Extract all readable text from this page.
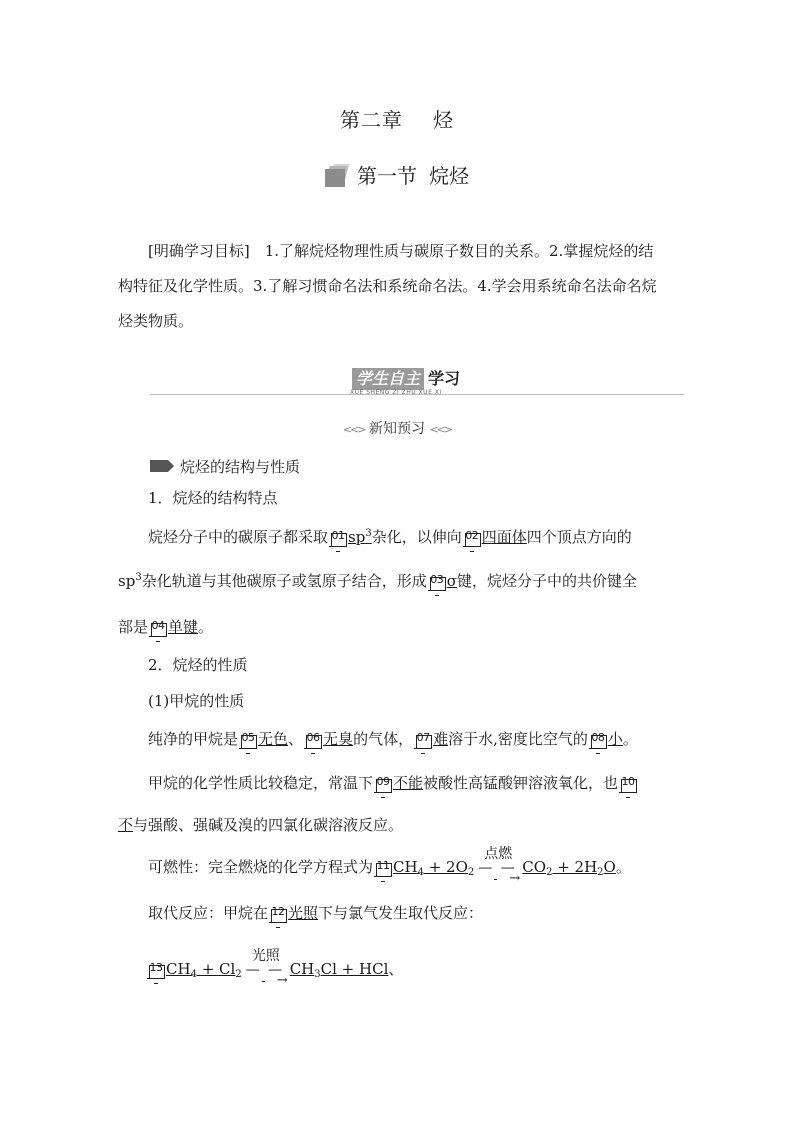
第二章 烃
第一节 烷烃
[明确学习目标]　1.了解烷烃物理性质与碳原子数目的关系。2.掌握烷烃的结
构特征及化学性质。3.了解习惯命名法和系统命名法。4.学会用系统命名法命名烷
烃类物质。
学生自主 学习
XUE SHENG ZI ZHU XUE XI
<<> 新知预习 <<>
烷烃的结构与性质
1．烷烃的结构特点
烷烃分子中的碳原子都采取 01 $sp^3$杂化，以伸向 02 四面体四个顶点方向的
$sp^3$杂化轨道与其他碳原子或氢原子结合，形成 03 σ键，烷烃分子中的共价键全
部是 04 单键。
2．烷烃的性质
(1)甲烷的性质
纯净的甲烷是 05 无色、 06 无臭的气体， 07 难溶于水,密度比空气的 08 小。
甲烷的化学性质比较稳定，常温下 09 不能被酸性高锰酸钾溶液氧化，也 10
不与强酸、强碱及溴的四氯化碳溶液反应。
可燃性：完全燃烧的化学方程式为 11 $CH_4 + 2O_2$
点燃
— —
→
$CO_2 + 2H_2O$。
取代反应：甲烷在 12 光照下与氯气发生取代反应：
13 $CH_4 + Cl_2$
光照
— —
→
$CH_3Cl$ + HCl、
